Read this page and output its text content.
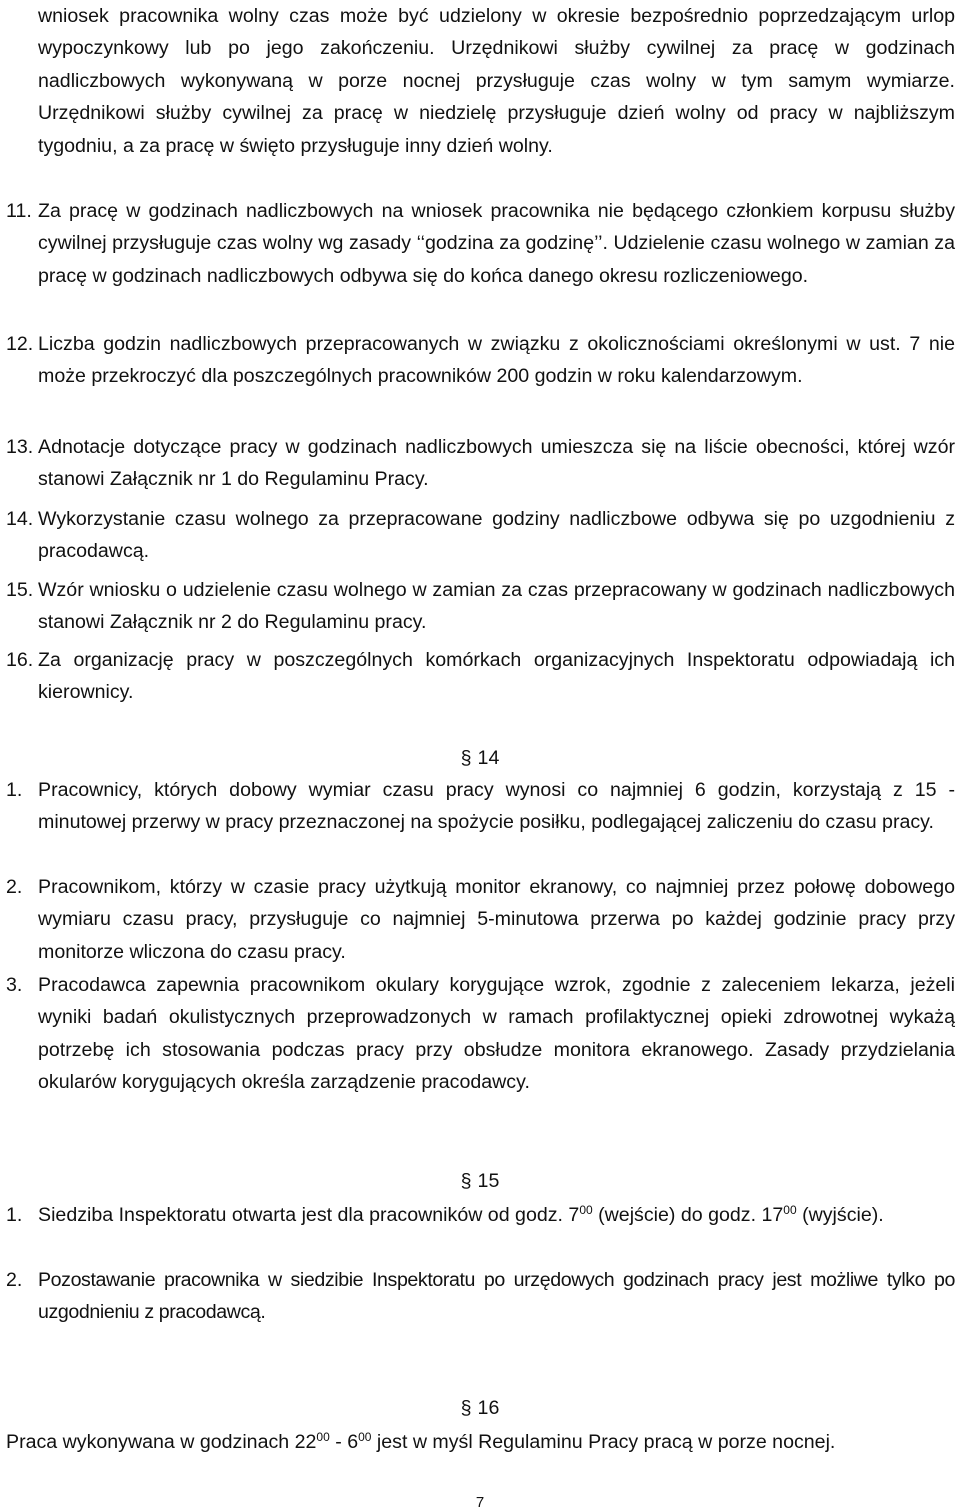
wniosek pracownika wolny czas może być udzielony w okresie bezpośrednio poprzedzającym urlop wypoczynkowy lub po jego zakończeniu. Urzędnikowi służby cywilnej za pracę w godzinach nadliczbowych wykonywaną w porze nocnej przysługuje czas wolny w tym samym wymiarze. Urzędnikowi służby cywilnej za pracę w niedzielę przysługuje dzień wolny od pracy w najbliższym tygodniu, a za pracę w święto przysługuje inny dzień wolny.

11. Za pracę w godzinach nadliczbowych na wniosek pracownika nie będącego członkiem korpusu służby cywilnej przysługuje czas wolny wg zasady ‘‘godzina za godzinę’’. Udzielenie czasu wolnego w zamian za pracę w godzinach nadliczbowych odbywa się do końca danego okresu rozliczeniowego.
12. Liczba godzin nadliczbowych przepracowanych w związku z okolicznościami określonymi w ust. 7 nie może przekroczyć dla poszczególnych pracowników 200 godzin w roku kalendarzowym.
13. Adnotacje dotyczące pracy w godzinach nadliczbowych umieszcza się na liście obecności, której wzór stanowi Załącznik nr 1 do Regulaminu Pracy.
14. Wykorzystanie czasu wolnego za przepracowane godziny nadliczbowe odbywa się po uzgodnieniu z pracodawcą.
15. Wzór wniosku o udzielenie czasu wolnego w zamian za czas przepracowany w godzinach nadliczbowych stanowi Załącznik nr 2 do Regulaminu pracy.
16. Za organizację pracy w poszczególnych komórkach organizacyjnych Inspektoratu odpowiadają ich kierownicy.
§ 14
1. Pracownicy, których dobowy wymiar czasu pracy wynosi co najmniej 6 godzin, korzystają z 15 - minutowej przerwy w pracy przeznaczonej na spożycie posiłku, podlegającej zaliczeniu do czasu pracy.
2. Pracownikom, którzy w czasie pracy użytkują monitor ekranowy, co najmniej przez połowę dobowego wymiaru czasu pracy, przysługuje co najmniej 5-minutowa przerwa po każdej godzinie pracy przy monitorze wliczona do czasu pracy.
3. Pracodawca zapewnia pracownikom okulary korygujące wzrok, zgodnie z zaleceniem lekarza, jeżeli wyniki badań okulistycznych przeprowadzonych w ramach profilaktycznej opieki zdrowotnej wykażą potrzebę ich stosowania podczas pracy przy obsłudze monitora ekranowego. Zasady przydzielania okularów korygujących określa zarządzenie pracodawcy.
§ 15
1. Siedziba Inspektoratu otwarta jest dla pracowników od godz. $7^{00}$ (wejście) do godz. $17^{00}$ (wyjście).
2. Pozostawanie pracownika w siedzibie Inspektoratu po urzędowych godzinach pracy jest możliwe tylko po uzgodnieniu z pracodawcą.
§ 16
Praca wykonywana w godzinach $22^{00} - 6^{00}$ jest w myśl Regulaminu Pracy pracą w porze nocnej.
7
